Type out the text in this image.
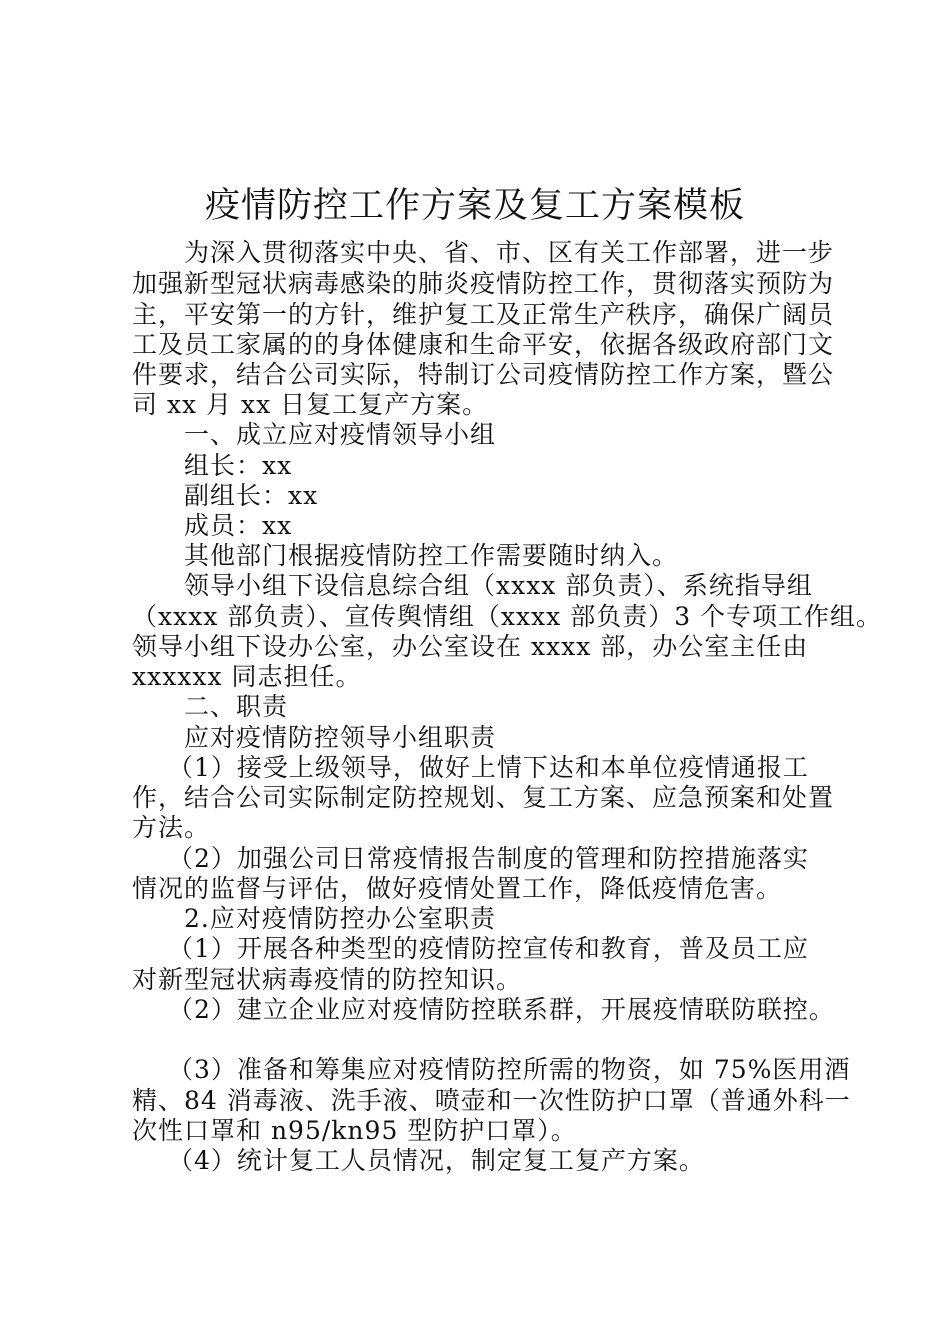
疫情防控工作方案及复工方案模板

为深入贯彻落实中央、省、市、区有关工作部署，进一步

加强新型冠状病毒感染的肺炎疫情防控工作，贯彻落实预防为

主，平安第一的方针，维护复工及正常生产秩序，确保广阔员

工及员工家属的的身体健康和生命平安，依据各级政府部门文

件要求，结合公司实际，特制订公司疫情防控工作方案，暨公

司 xx 月 xx 日复工复产方案。

一、成立应对疫情领导小组

组长：xx

副组长：xx

成员：xx

其他部门根据疫情防控工作需要随时纳入。

领导小组下设信息综合组（xxxx 部负责）、系统指导组

（xxxx 部负责）、宣传舆情组（xxxx 部负责）3 个专项工作组。

领导小组下设办公室，办公室设在 xxxx 部，办公室主任由

xxxxxx 同志担任。

二、职责

应对疫情防控领导小组职责

（1）接受上级领导，做好上情下达和本单位疫情通报工

作，结合公司实际制定防控规划、复工方案、应急预案和处置

方法。

（2）加强公司日常疫情报告制度的管理和防控措施落实

情况的监督与评估，做好疫情处置工作，降低疫情危害。

2.应对疫情防控办公室职责

（1）开展各种类型的疫情防控宣传和教育，普及员工应

对新型冠状病毒疫情的防控知识。

（2）建立企业应对疫情防控联系群，开展疫情联防联控。

（3）准备和筹集应对疫情防控所需的物资，如 75%医用酒

精、84 消毒液、洗手液、喷壶和一次性防护口罩（普通外科一

次性口罩和 n95/kn95 型防护口罩）。

（4）统计复工人员情况，制定复工复产方案。
